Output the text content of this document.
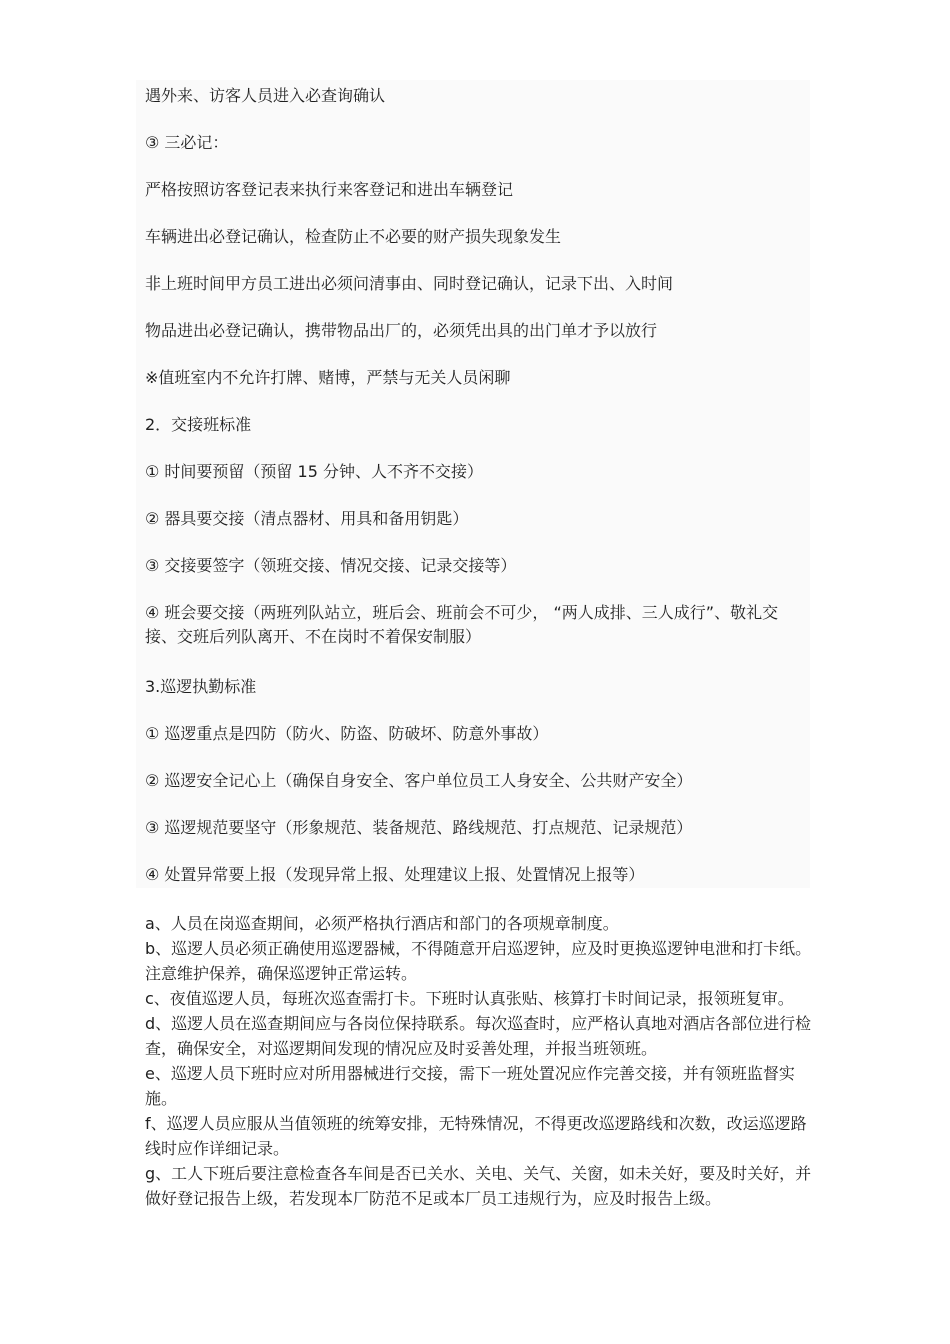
遇外来、访客人员进入必查询确认

③ 三必记：

严格按照访客登记表来执行来客登记和进出车辆登记

车辆进出必登记确认，检查防止不必要的财产损失现象发生

非上班时间甲方员工进出必须问清事由、同时登记确认，记录下出、入时间

物品进出必登记确认，携带物品出厂的，必须凭出具的出门单才予以放行

※值班室内不允许打牌、赌博，严禁与无关人员闲聊

2．交接班标准

① 时间要预留（预留 15 分钟、人不齐不交接）

② 器具要交接（清点器材、用具和备用钥匙）

③ 交接要签字（领班交接、情况交接、记录交接等）

④ 班会要交接（两班列队站立，班后会、班前会不可少， “两人成排、三人成行”、敬礼交接、交班后列队离开、不在岗时不着保安制服）

3.巡逻执勤标准

① 巡逻重点是四防（防火、防盗、防破坏、防意外事故）

② 巡逻安全记心上（确保自身安全、客户单位员工人身安全、公共财产安全）

③ 巡逻规范要坚守（形象规范、装备规范、路线规范、打点规范、记录规范）

④ 处置异常要上报（发现异常上报、处理建议上报、处置情况上报等）

a、人员在岗巡查期间，必须严格执行酒店和部门的各项规章制度。

b、巡逻人员必须正确使用巡逻器械，不得随意开启巡逻钟，应及时更换巡逻钟电泄和打卡纸。注意维护保养，确保巡逻钟正常运转。

c、夜值巡逻人员，每班次巡查需打卡。下班时认真张贴、核算打卡时间记录，报领班复审。

d、巡逻人员在巡查期间应与各岗位保持联系。每次巡查时，应严格认真地对酒店各部位进行检查，确保安全，对巡逻期间发现的情况应及时妥善处理，并报当班领班。

e、巡逻人员下班时应对所用器械进行交接，需下一班处置况应作完善交接，并有领班监督实施。

f、巡逻人员应服从当值领班的统筹安排，无特殊情况，不得更改巡逻路线和次数，改运巡逻路线时应作详细记录。

g、工人下班后要注意检查各车间是否已关水、关电、关气、关窗，如未关好，要及时关好，并做好登记报告上级，若发现本厂防范不足或本厂员工违规行为，应及时报告上级。
